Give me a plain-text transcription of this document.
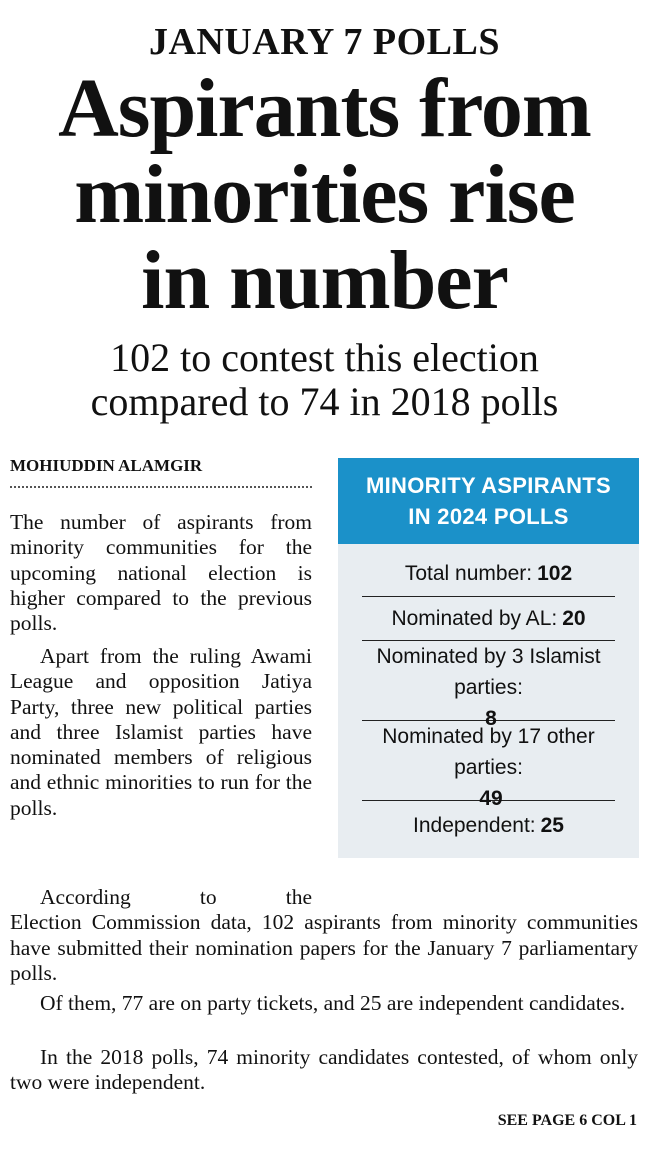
JANUARY 7 POLLS
Aspirants from
minorities rise
in number
102 to contest this election
compared to 74 in 2018 polls
MOHIUDDIN ALAMGIR

The number of aspirants from minority communities for the upcoming national election is higher compared to the previous polls.

Apart from the ruling Awami League and opposition Jatiya Party, three new political parties and three Islamist parties have nominated members of religious and ethnic minorities to run for the polls.

According to the
Election Commission data, 102 aspirants from minority communities have submitted their nomination papers for the January 7 parliamentary polls.

Of them, 77 are on party tickets, and 25 are independent candidates.

In the 2018 polls, 74 minority candidates contested, of whom only two were independent.

SEE PAGE 6 COL 1
MINORITY ASPIRANTS
IN 2024 POLLS
Total number: 102
Nominated by AL: 20
Nominated by 3 Islamist parties:
8
Nominated by 17 other parties:
49
Independent: 25
